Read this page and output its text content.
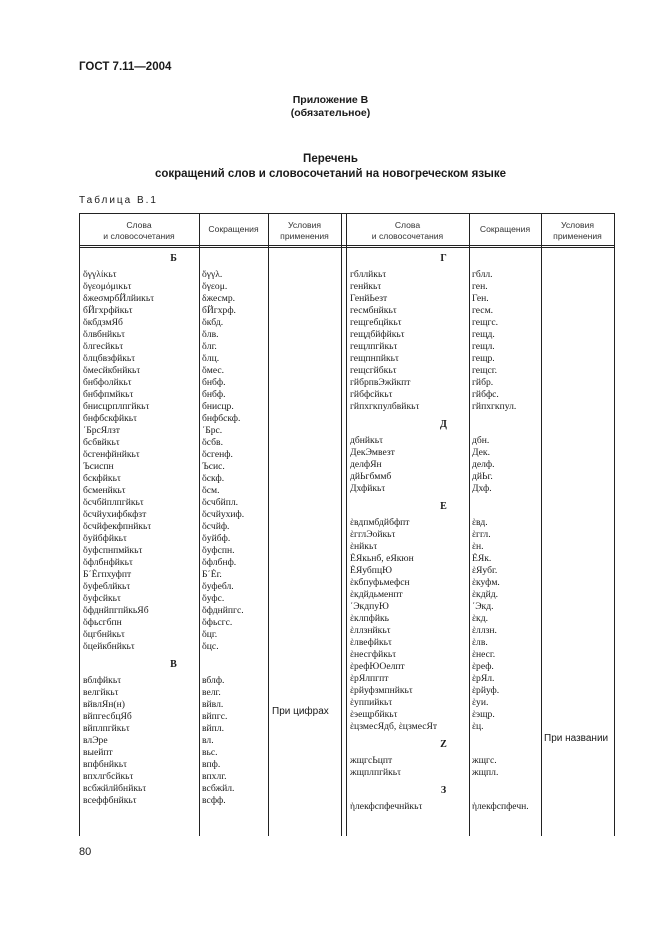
ГОСТ 7.11—2004
Приложение В
(обязательное)
Перечень
сокращений слов и словосочетаний на новогреческом языке
Таблица В.1
Слова
и словосочетания
Сокращения	Условия
применения
Слова
и словосочетания
Сокращения	Условия
применения
Б
ὄγγλίκьτ	ὄγγλ.
ὄγεομόμικьτ	ὄγεομ.
δжеσмрбЙлйикьτ	δжесмр.
бЙгхрфйкьτ	бЙгхрф.
ὄкбдзмЯб	ὄкбд.
ὄлвбнйкьτ	ὄлв.
ὄлгесйкьτ	ὄлг.
ὄлцбвзфйкьτ	ὄлц.
ὄмесйкбнйкьτ	ὄмес.
бнбфолйкьτ	бнбф.
бнбфпмйкьτ	бнбф.
бнисцрплпгйкьτ	бнисцр.
бнфбскфйкьτ	бнфбскф.
΄БрсЯлзт	΄Брс.
бсбвйкьτ	ὄсбв.
ὄсгенфйнйкьτ	ὄсгенф.
Ъсиспн	Ъсис.
бскфйкьτ	ὄскф.
бсменйкьτ	ὄсм.
ὄсчбйплпгйкьτ	ὄсчбйпл.
ὄсчйухифбкфзт	ὄсчйухиф.
ὄсчйфекфпнйкьτ	ὄсчйф.
ὄуйбфйкьτ	ὄуйбф.
ὄуфспнпмйкьτ	ὄуфспн.
ὄфлбнфйкьτ	ὄфлбнф.
Б΄Ѐгпхуфпт	Б΄Ѐг.
ὄуфеблйкьτ	ὄуфебл.
ὄуфсйкьτ	ὄуфс.
ὄфднйпгпйкьЯб	ὄфднйпгс.
ὄфьсгбпн	ὄфьсгс.
ὄцгбнйкьτ	ὄцг.
ὄцейкбнйкьτ	ὄцс.
В
вблфйкьτ	вблф.
велгйкьτ	велг.
вйвлЯн(н)	вйвл.
вйпгесбцЯб	вйпгс.
вйплпгйкьτ	вйпл.
влЭре	вл.
выейпт	вьс.
впфбнйкьτ	впф.
впхлгбсйкьτ	впхлг.
всбжйлйбнйкьτ	всбжйл.
всеффбнйкьτ	всфф.
Г
гбллйкьτ	гблл.
генйкьτ	ген.
ГенйЬезт	Ген.
гесмбнйкьτ	гесм.
гещгебцйкьτ	гещгс.
гещдбйфйкьτ	гещд.
гещлпгйкьτ	гещл.
гещпнпйкьτ	гещр.
гещсгйбкьτ	гещсг.
гйбрпвЭжйкпт	гйбр.
гйбфсйкьτ	гйбфс.
гйпхгкпулбвйкьτ	гйпхгкпул.
Д
дбнйкьτ	дбн.
ДекЭмвезт	Дек.
делфЯн	делф.
дйЬгбммб	дйЬг.
Дхфйкьτ	Дхф.
Е
ὲвдпмбдйбфпт	ὲвд.
ὲгглЭойкьτ	ὲггл.
ὲнйкьτ	ὲн.
ЀЯкьнб, еЯкюн	ЀЯк.
ЀЯубпцЮ	ὲЯубг.
ὲкбпуфьмефсн	ὲкуфм.
ὲкдйдьменпт	ὲкдйд.
΄ЭкдпуЮ	΄Экд.
ὲклпфйкь	ὲкд.
ὲллзнйкьτ	ὲллзн.
ὲлвефйкьτ	ὲлв.
ὲнесгфйкьτ	ὲнесг.
ὲрефЮОелпт	ὲреф.
ὲрЯлпгпт	ὲрЯл.
ὲрйуфзмпнйкьτ	ὲрйуф.
ὲуппийкьτ	ὲуи.
ὲэещрбйкьτ	ὲэщр.
ὲцзмесЯдб, ὲцзмесЯт	ὲц.
Z
жщгсЬцпт	жщгс.
жщплпгйкьτ	жщпл.
З
ὴлекфспфечнйкьτ	ὴлекфспфечн.
При цифрах
При названии
80
